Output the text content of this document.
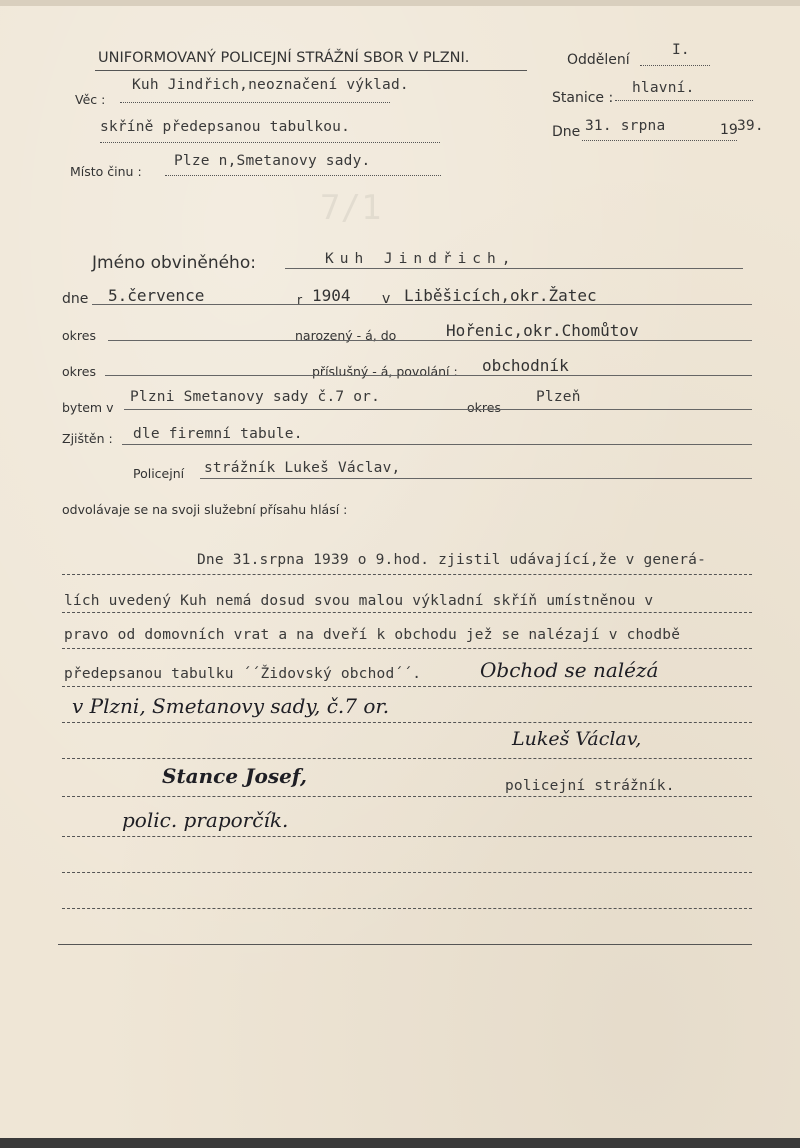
7/1
UNIFORMOVANÝ POLICEJNÍ STRÁŽNÍ SBOR V PLZNI.	Oddělení
I.
Věc :
Kuh Jindřich,neoznačení výklad.
Stanice :
hlavní.
skříně předepsanou tabulkou.	Dne 31. srpna	19 39.
Místo činu :
Plze n,Smetanovy sady.
Jméno obviněného:	Kuh Jindřich,
dne 5.července	r 1904 v Liběšicích,okr.Žatec
okres	narozený - á, do	Hořenic,okr.Chomůtov
okres	příslušný - á, povolání : obchodník
bytem v
Plzni Smetanovy sady č.7 or.
okres
Plzeň
Zjištěn : dle firemní tabule.
Policejní strážník Lukeš Václav,
odvolávaje se na svoji služební přísahu hlásí :
Dne 31.srpna 1939 o 9.hod. zjistil udávající,že v generá-
lích uvedený Kuh nemá dosud svou malou výkladní skříň umístněnou v
pravo od domovních vrat a na dveří k obchodu jež se nalézají v chodbě
předepsanou tabulku ´´Židovský obchod´´.	Obchod se nalézá
v Plzni, Smetanovy sady, č.7 or.
Lukeš Václav,
Stance Josef,	policejní strážník.
polic. praporčík.
